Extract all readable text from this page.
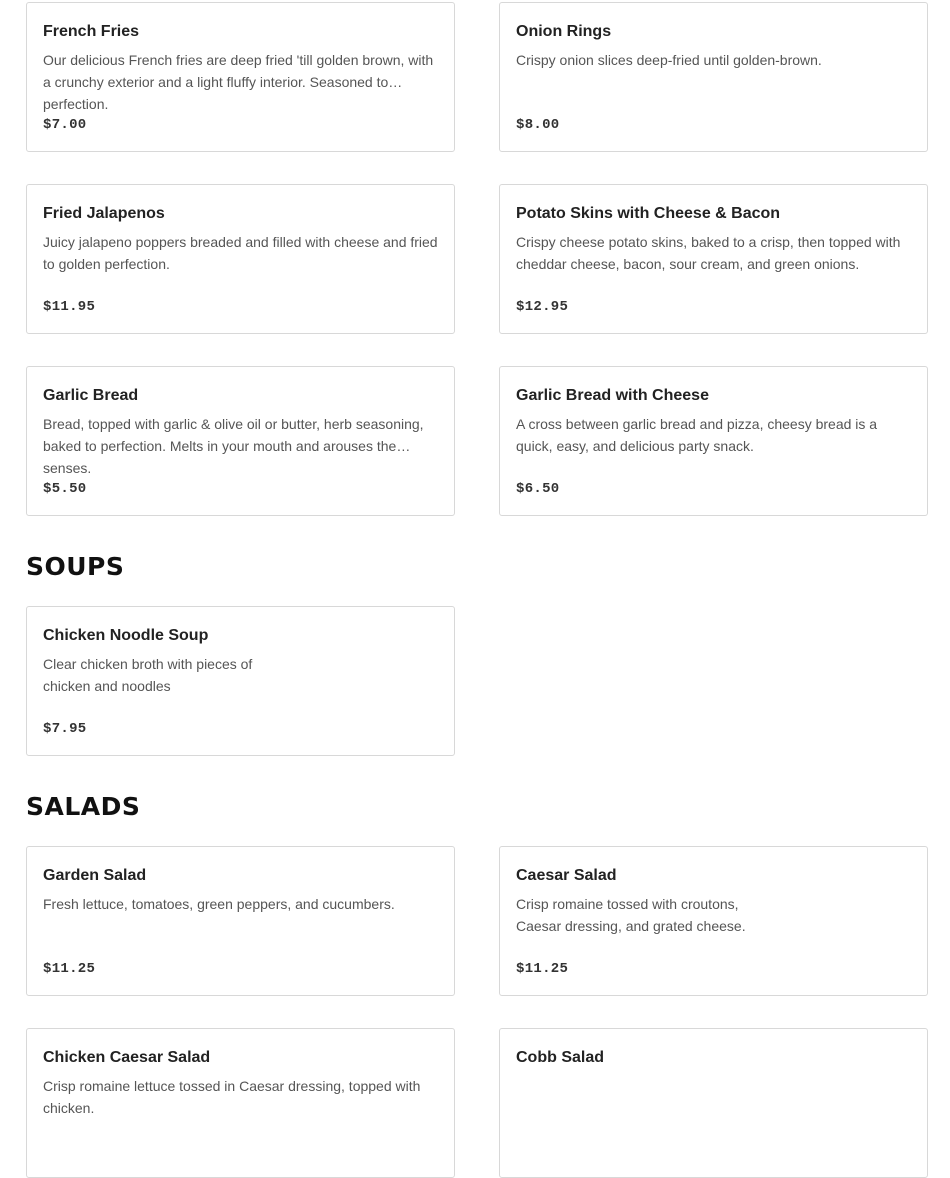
French Fries
Our delicious French fries are deep fried 'till golden brown, with a crunchy exterior and a light fluffy interior. Seasoned to perfection.
$7.00
Onion Rings
Crispy onion slices deep-fried until golden-brown.
$8.00
Fried Jalapenos
Juicy jalapeno poppers breaded and filled with cheese and fried to golden perfection.
$11.95
Potato Skins with Cheese & Bacon
Crispy cheese potato skins, baked to a crisp, then topped with cheddar cheese, bacon, sour cream, and green onions.
$12.95
Garlic Bread
Bread, topped with garlic & olive oil or butter, herb seasoning, baked to perfection. Melts in your mouth and arouses the senses.
$5.50
Garlic Bread with Cheese
A cross between garlic bread and pizza, cheesy bread is a quick, easy, and delicious party snack.
$6.50
SOUPS
Chicken Noodle Soup
Clear chicken broth with pieces of chicken and noodles
$7.95
SALADS
Garden Salad
Fresh lettuce, tomatoes, green peppers, and cucumbers.
$11.25
Caesar Salad
Crisp romaine tossed with croutons, Caesar dressing, and grated cheese.
$11.25
Chicken Caesar Salad
Crisp romaine lettuce tossed in Caesar dressing, topped with chicken.
Cobb Salad
